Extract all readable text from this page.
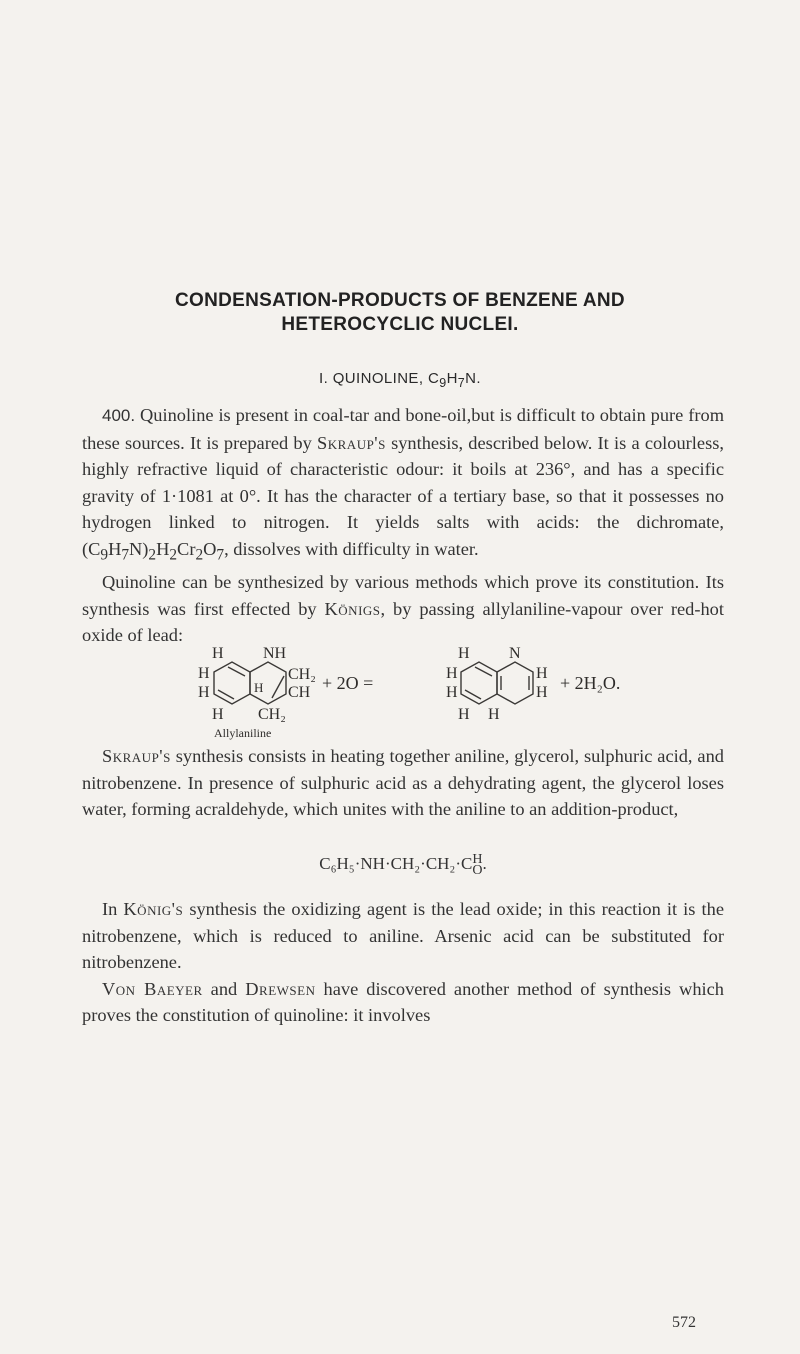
CONDENSATION-PRODUCTS OF BENZENE AND
HETEROCYCLIC NUCLEI.
I. QUINOLINE, $C_9H_7N$.

400. Quinoline is present in coal-tar and bone-oil,but is difficult to obtain pure from these sources. It is prepared by Skraup's synthesis, described below. It is a colourless, highly refractive liquid of characteristic odour: it boils at 236°, and has a specific gravity of 1·1081 at 0°. It has the character of a tertiary base, so that it possesses no hydrogen linked to nitrogen. It yields salts with acids: the dichromate, $(C_9H_7N)_2H_2Cr_2O_7$, dissolves with difficulty in water.

Quinoline can be synthesized by various methods which prove its constitution. Its synthesis was first effected by Königs, by passing allylaniline-vapour over red-hot oxide of lead:

H NH
H
H	H
CH₂
CH
H CH₂
Allylaniline
+ 2O =
H N
H
H
H
H
H H
+ 2H₂O.

Skraup's synthesis consists in heating together aniline, glycerol, sulphuric acid, and nitrobenzene. In presence of sulphuric acid as a dehydrating agent, the glycerol loses water, forming acraldehyde, which unites with the aniline to an addition-product,

C₆H₅·NH·CH₂·CH₂·C H
O .

In König's synthesis the oxidizing agent is the lead oxide; in this reaction it is the nitrobenzene, which is reduced to aniline. Arsenic acid can be substituted for nitrobenzene.

Von Baeyer and Drewsen have discovered another method of synthesis which proves the constitution of quinoline: it involves

572
